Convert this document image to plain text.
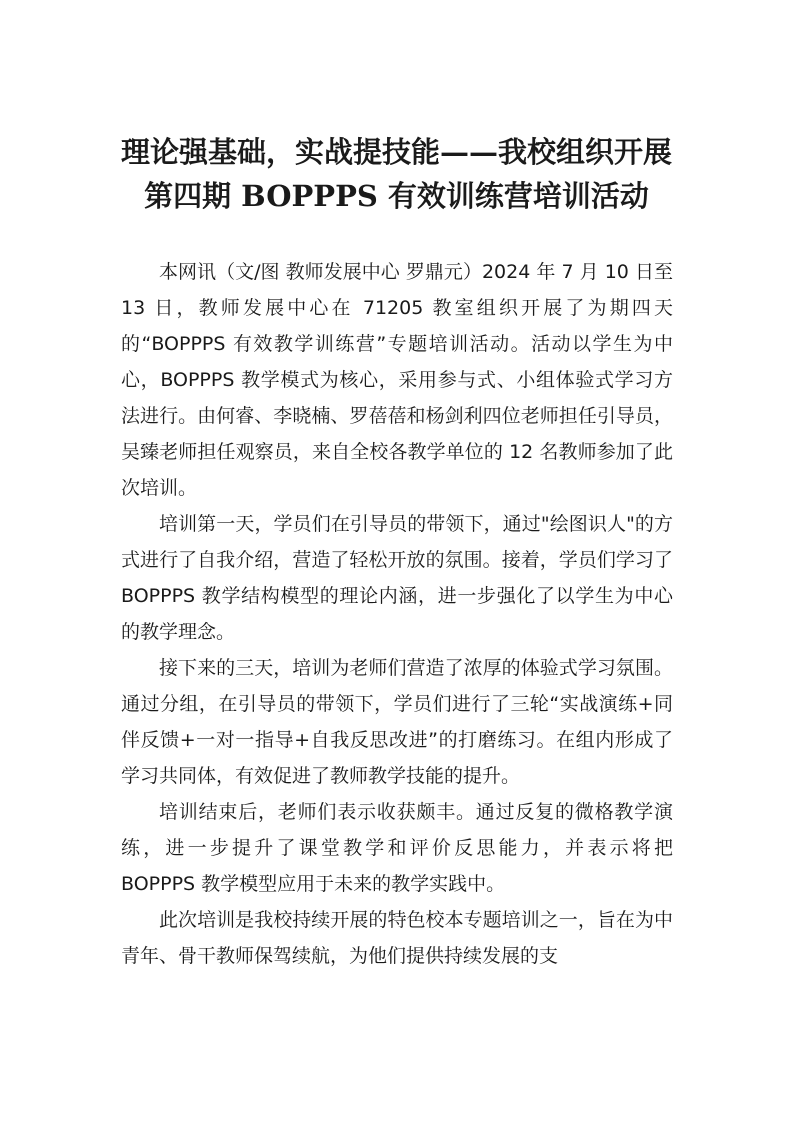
理论强基础，实战提技能——我校组织开展
第四期 BOPPPS 有效训练营培训活动

本网讯（文/图 教师发展中心 罗鼎元）2024 年 7 月 10 日至 13 日，教师发展中心在 71205 教室组织开展了为期四天的“BOPPPS 有效教学训练营”专题培训活动。活动以学生为中心，BOPPPS 教学模式为核心，采用参与式、小组体验式学习方法进行。由何睿、李晓楠、罗蓓蓓和杨剑利四位老师担任引导员，吴臻老师担任观察员，来自全校各教学单位的 12 名教师参加了此次培训。

培训第一天，学员们在引导员的带领下，通过"绘图识人"的方式进行了自我介绍，营造了轻松开放的氛围。接着，学员们学习了 BOPPPS 教学结构模型的理论内涵，进一步强化了以学生为中心的教学理念。

接下来的三天，培训为老师们营造了浓厚的体验式学习氛围。通过分组，在引导员的带领下，学员们进行了三轮“实战演练+同伴反馈+一对一指导+自我反思改进”的打磨练习。在组内形成了学习共同体，有效促进了教师教学技能的提升。

培训结束后，老师们表示收获颇丰。通过反复的微格教学演练，进一步提升了课堂教学和评价反思能力，并表示将把 BOPPPS 教学模型应用于未来的教学实践中。

此次培训是我校持续开展的特色校本专题培训之一，旨在为中青年、骨干教师保驾续航，为他们提供持续发展的支
